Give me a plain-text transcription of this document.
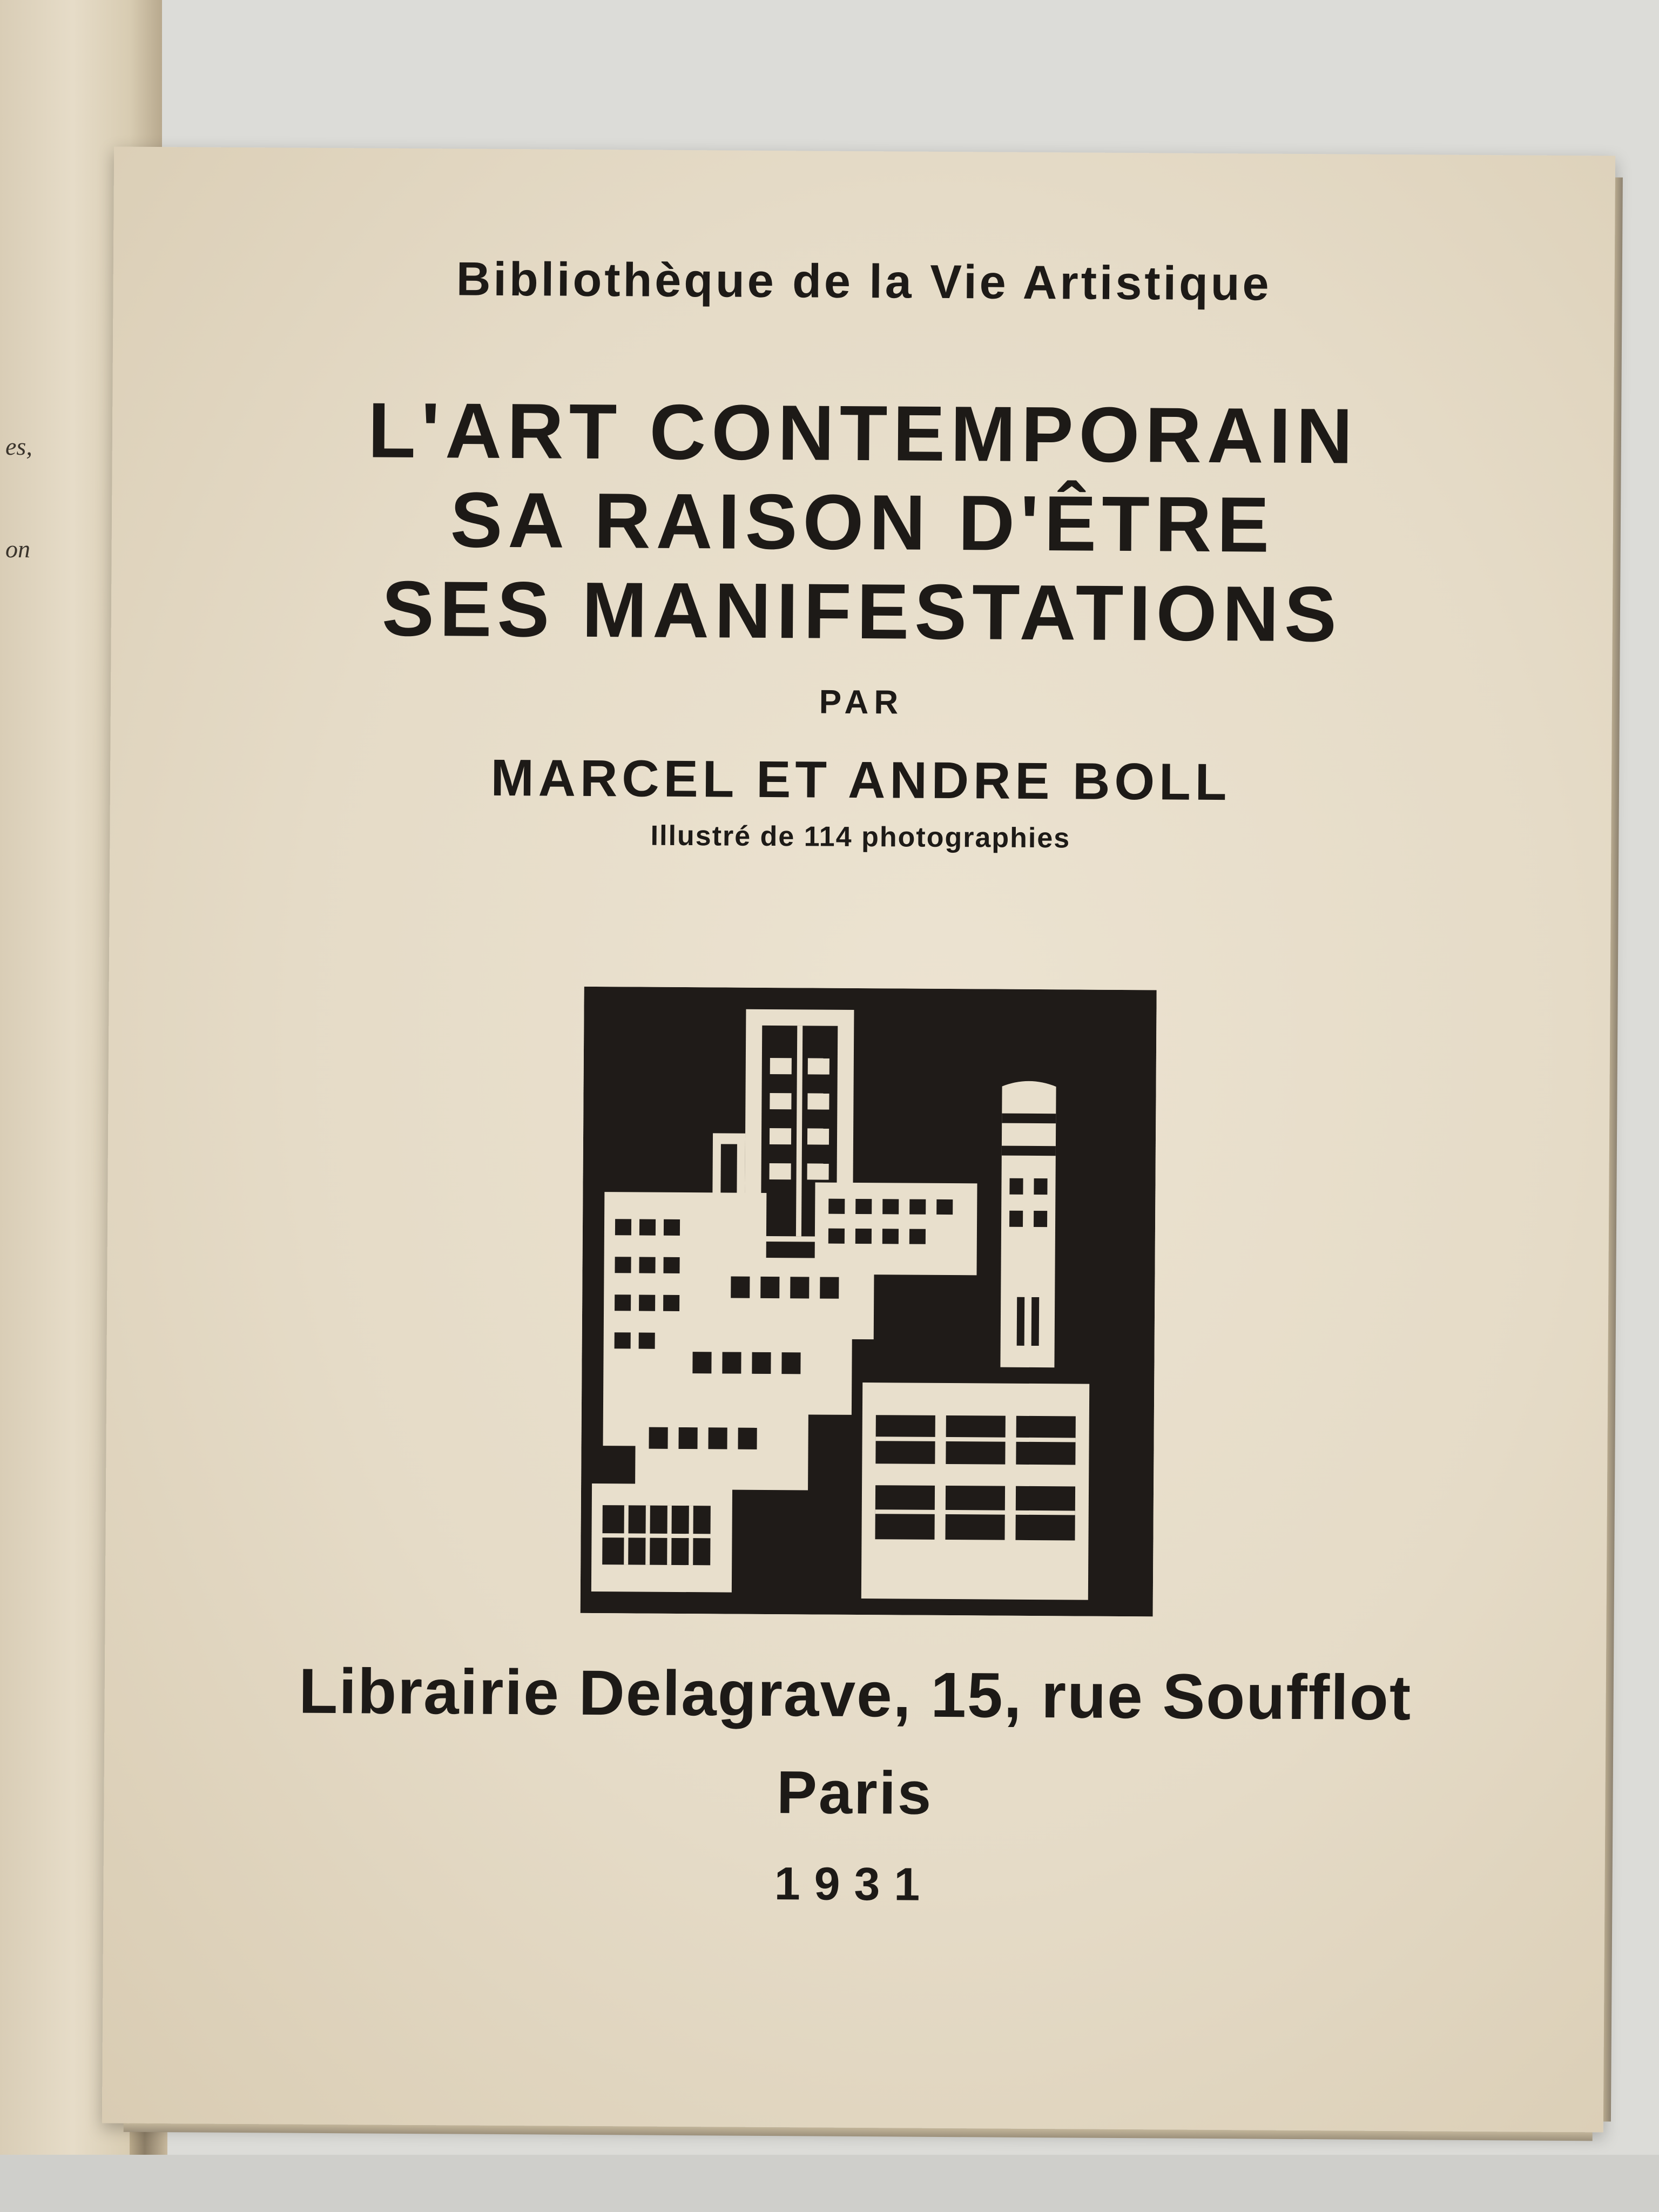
es,
on
Bibliothèque de la Vie Artistique
L'ART CONTEMPORAIN
SA RAISON D'ÊTRE
SES MANIFESTATIONS
PAR
MARCEL ET ANDRE BOLL
Illustré de 114 photographies
Librairie Delagrave, 15, rue Soufflot
Paris
1931
